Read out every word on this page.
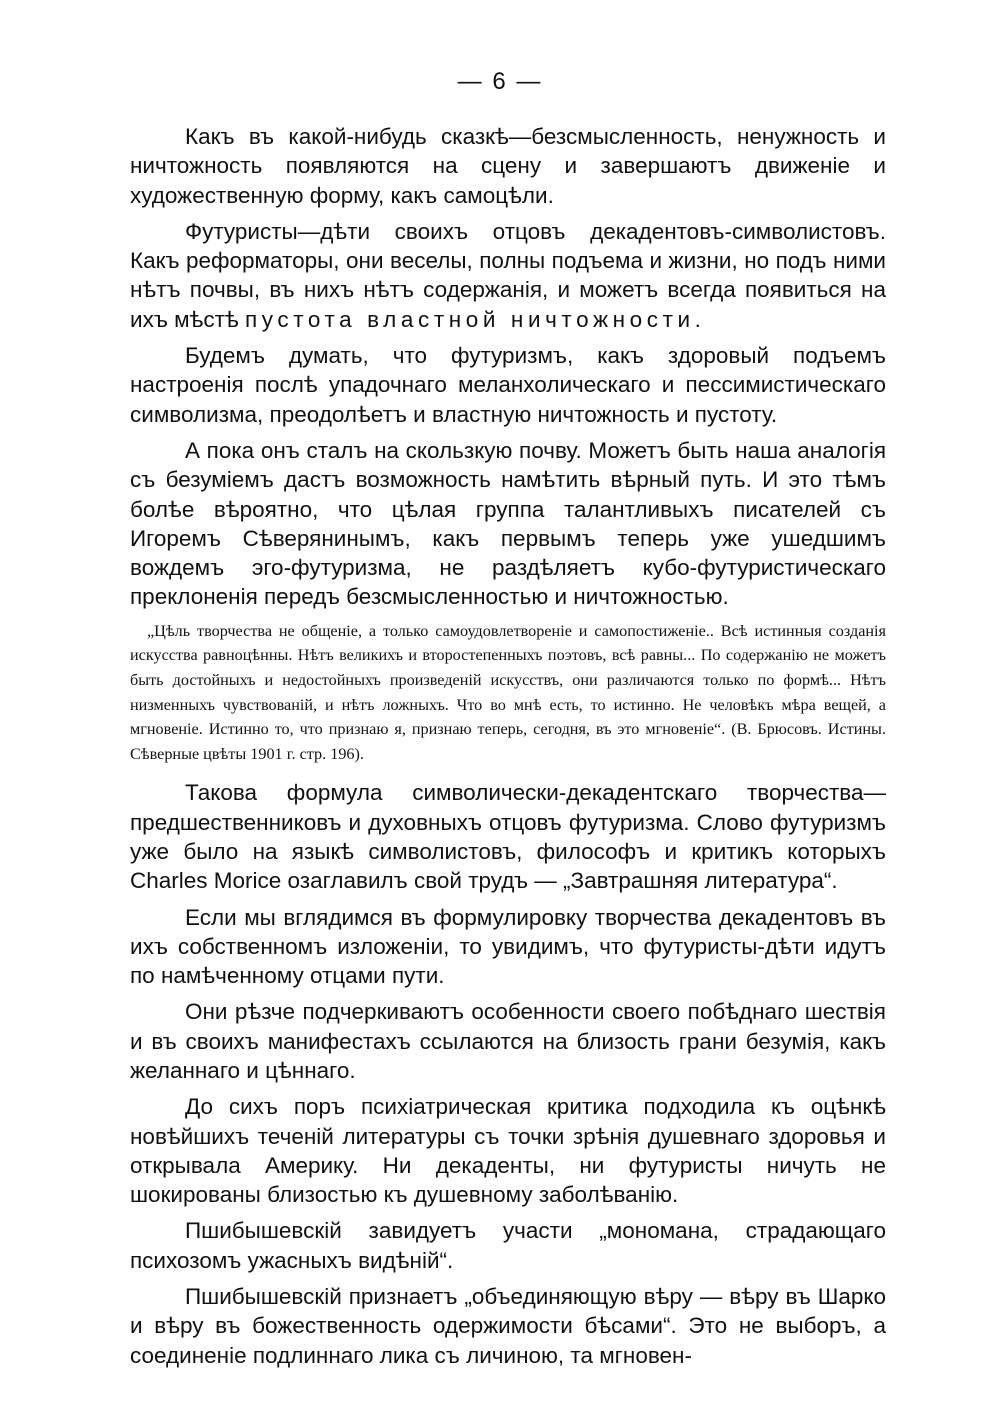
— 6 —

Какъ въ какой-нибудь сказкѣ—безсмысленность, ненужность и ничтожность появляются на сцену и завершаютъ движеніе и художественную форму, какъ самоцѣли.

Футуристы—дѣти своихъ отцовъ декадентовъ-символистовъ. Какъ реформаторы, они веселы, полны подъема и жизни, но подъ ними нѣтъ почвы, въ нихъ нѣтъ содержанія, и можетъ всегда появиться на ихъ мѣстѣ пустота властной ничтожности.

Будемъ думать, что футуризмъ, какъ здоровый подъемъ настроенія послѣ упадочнаго меланхолическаго и пессимистическаго символизма, преодолѣетъ и властную ничтожность и пустоту.

А пока онъ сталъ на скользкую почву. Можетъ быть наша аналогія съ безуміемъ дастъ возможность намѣтить вѣрный путь. И это тѣмъ болѣе вѣроятно, что цѣлая группа талантливыхъ писателей съ Игоремъ Сѣверянинымъ, какъ первымъ теперь уже ушедшимъ вождемъ эго-футуризма, не раздѣляетъ кубо-футуристическаго преклоненія передъ безсмысленностью и ничтожностью.

„Цѣль творчества не общеніе, а только самоудовлетвореніе и самопостиженіе.. Всѣ истинныя созданія искусства равноцѣнны. Нѣтъ великихъ и второстепенныхъ поэтовъ, всѣ равны... По содержанію не можетъ быть достойныхъ и недостойныхъ произведеній искусствъ, они различаются только по формѣ... Нѣтъ низменныхъ чувствованій, и нѣтъ ложныхъ. Что во мнѣ есть, то истинно. Не человѣкъ мѣра вещей, а мгновеніе. Истинно то, что признаю я, признаю теперь, сегодня, въ это мгновеніе“. (В. Брюсовъ. Истины. Сѣверные цвѣты 1901 г. стр. 196).

Такова формула символически-декадентскаго творчества—предшественниковъ и духовныхъ отцовъ футуризма. Слово футуризмъ уже было на языкѣ символистовъ, философъ и критикъ которыхъ Charles Morice озаглавилъ свой трудъ — „Завтрашняя литература“.

Если мы вглядимся въ формулировку творчества декадентовъ въ ихъ собственномъ изложеніи, то увидимъ, что футуристы-дѣти идутъ по намѣченному отцами пути.

Они рѣзче подчеркиваютъ особенности своего побѣднаго шествія и въ своихъ манифестахъ ссылаются на близость грани безумія, какъ желаннаго и цѣннаго.

До сихъ поръ психіатрическая критика подходила къ оцѣнкѣ новѣйшихъ теченій литературы съ точки зрѣнія душевнаго здоровья и открывала Америку. Ни декаденты, ни футуристы ничуть не шокированы близостью къ душевному заболѣванію.

Пшибышевскій завидуетъ участи „мономана, страдающаго психозомъ ужасныхъ видѣній“.

Пшибышевскій признаетъ „объединяющую вѣру — вѣру въ Шарко и вѣру въ божественность одержимости бѣсами“. Это не выборъ, а соединеніе подлиннаго лика съ личиною, та мгновен-
